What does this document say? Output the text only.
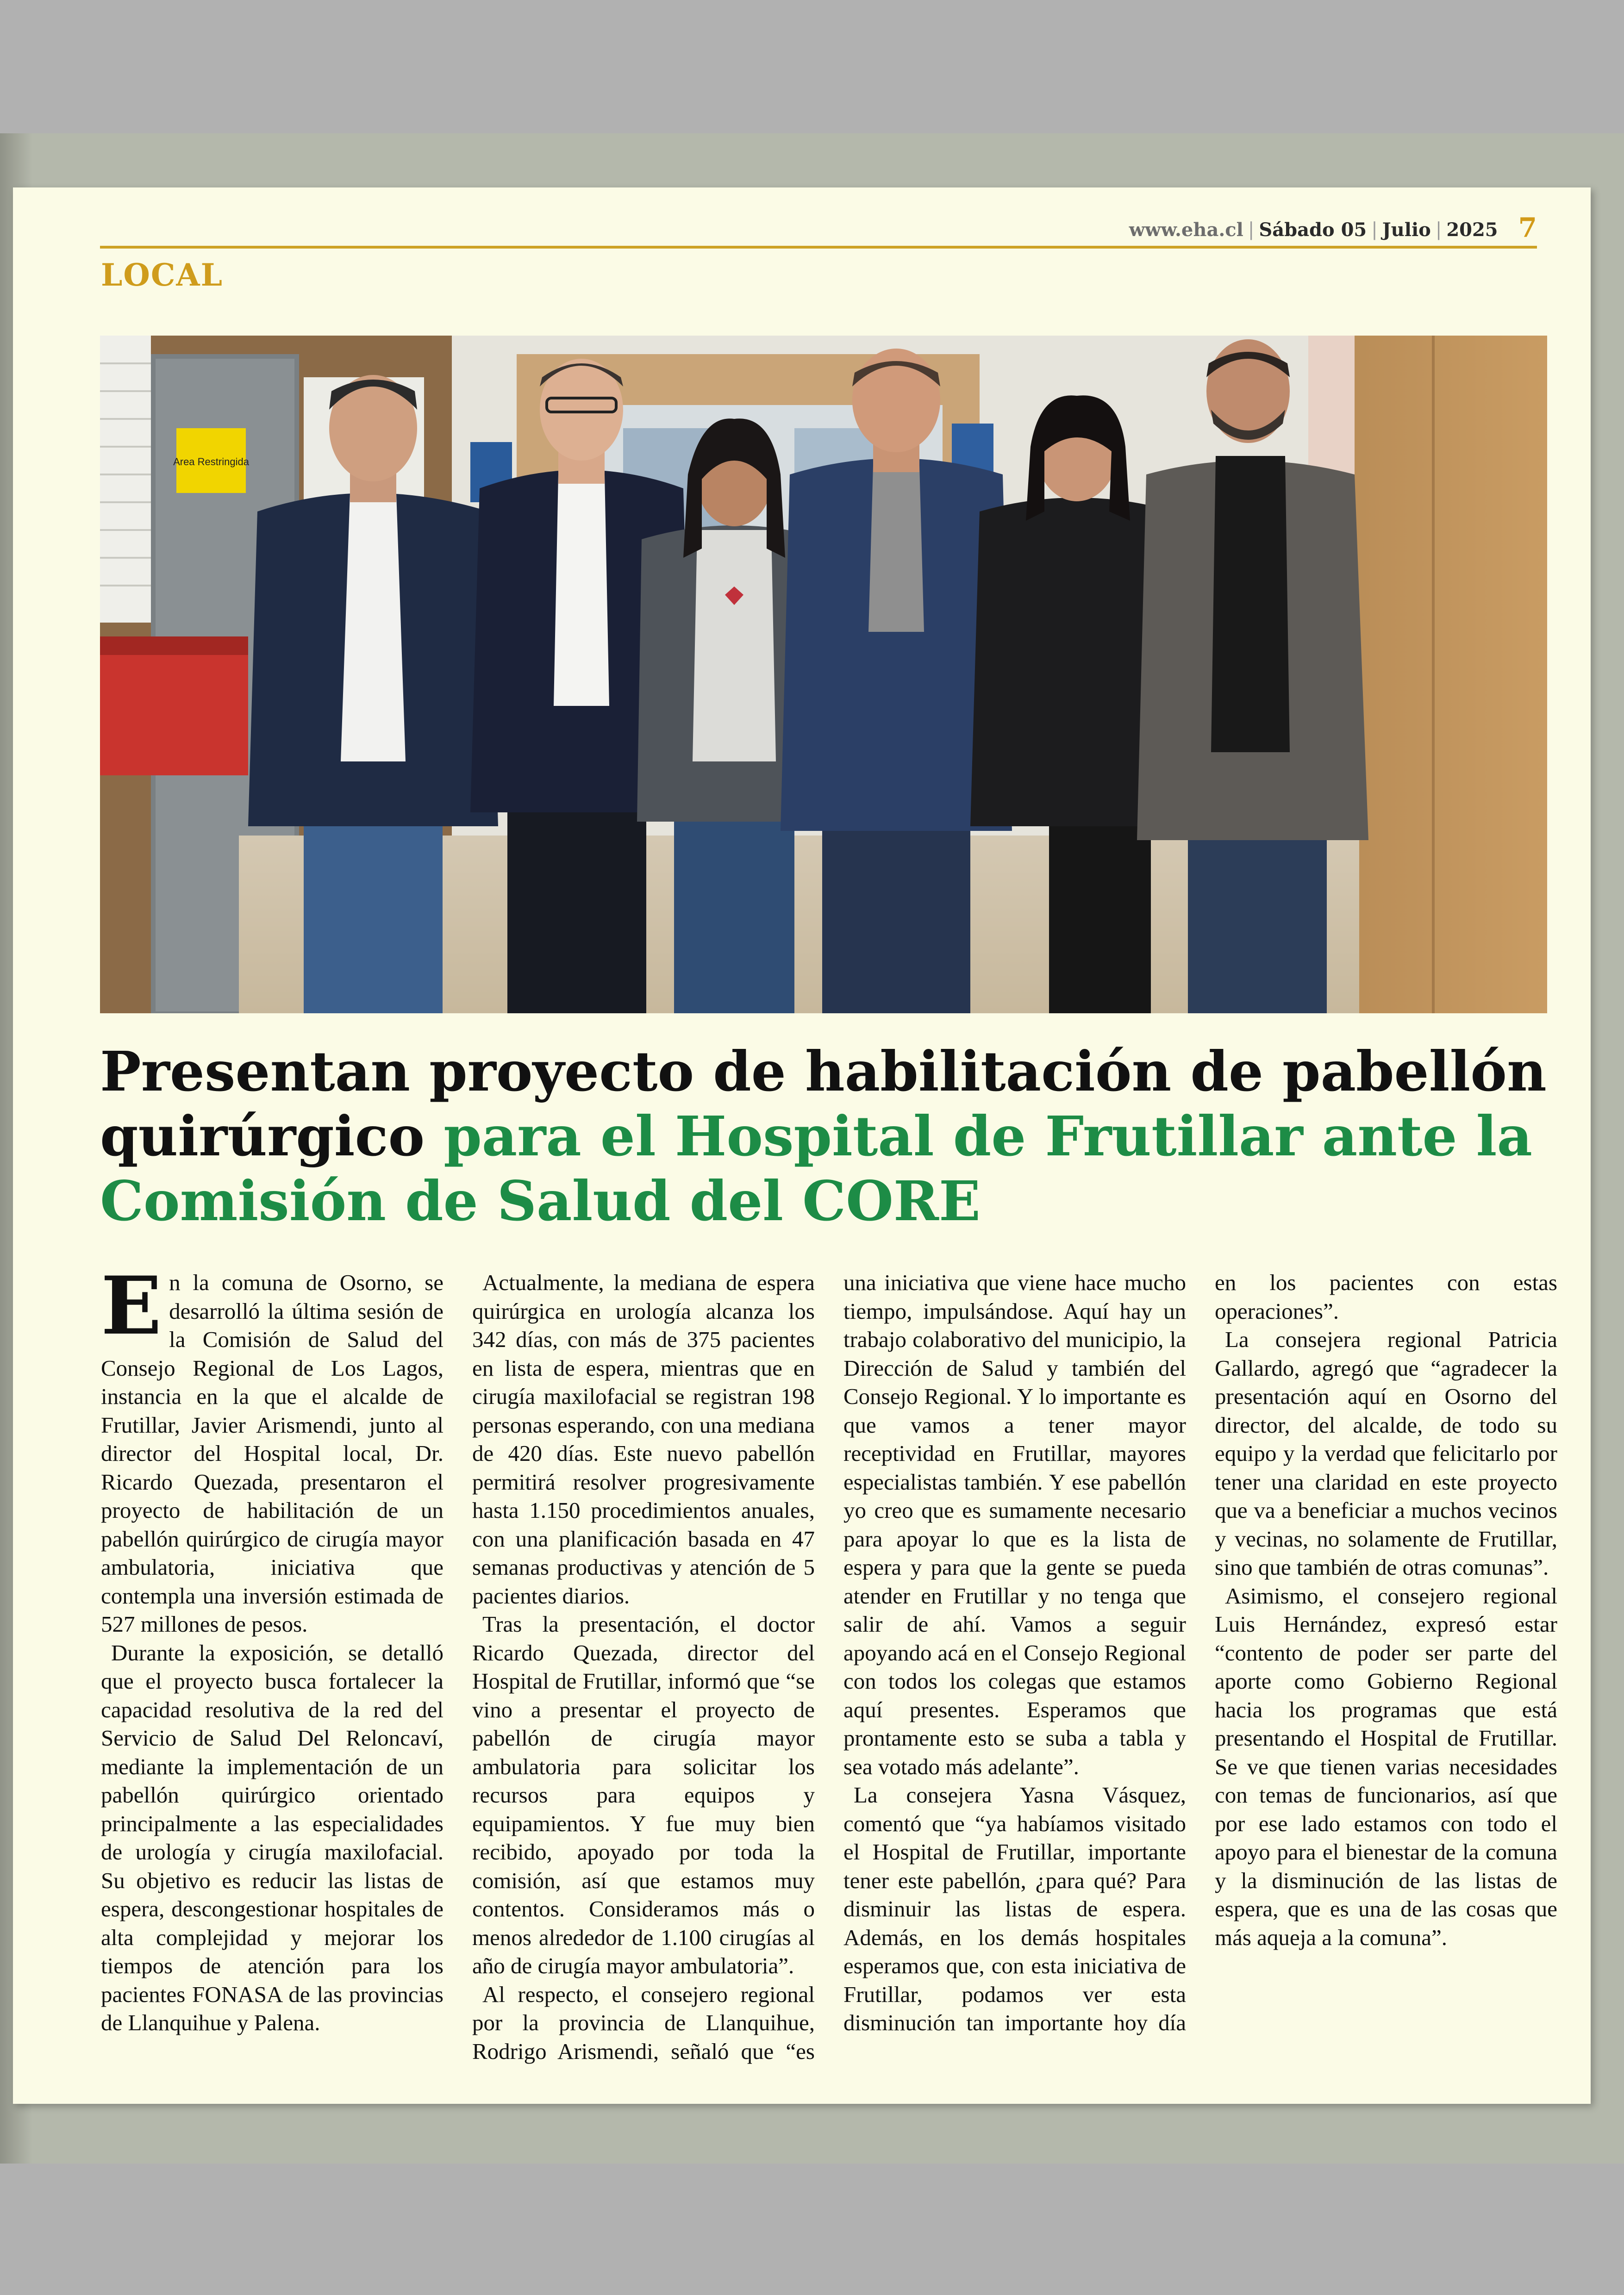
www.eha.cl | Sábado 05 | Julio | 2025 7
LOCAL
Area Restringida
Presentan proyecto de habilitación de pabellón quirúrgico para el Hospital de Frutillar ante la Comisión de Salud del CORE

En la comuna de Osorno, se desarrolló la última sesión de la Comisión de Salud del Consejo Regional de Los Lagos, instancia en la que el alcalde de Frutillar, Javier Arismendi, junto al director del Hospital local, Dr. Ricardo Quezada, presentaron el proyecto de habilitación de un pabellón quirúrgico de cirugía mayor ambulatoria, iniciativa que contempla una inversión estimada de 527 millones de pesos.

Durante la exposición, se detalló que el proyecto busca fortalecer la capacidad resolutiva de la red del Servicio de Salud Del Reloncaví, mediante la implementación de un pabellón quirúrgico orientado principalmente a las especialidades de urología y cirugía maxilofacial. Su objetivo es reducir las listas de espera, descongestionar hospitales de alta complejidad y mejorar los tiempos de atención para los pacientes FONASA de las provincias de Llanquihue y Palena.

Actualmente, la mediana de espera quirúrgica en urología alcanza los 342 días, con más de 375 pacientes en lista de espera, mientras que en cirugía maxilofacial se registran 198 personas esperando, con una mediana de 420 días. Este nuevo pabellón permitirá resolver progresivamente hasta 1.150 procedimientos anuales, con una planificación basada en 47 semanas productivas y atención de 5 pacientes diarios.

Tras la presentación, el doctor Ricardo Quezada, director del Hospital de Frutillar, informó que “se vino a presentar el proyecto de pabellón de cirugía mayor ambulatoria para solicitar los recursos para equipos y equipamientos. Y fue muy bien recibido, apoyado por toda la comisión, así que estamos muy contentos. Consideramos más o menos alrededor de 1.100 cirugías al año de cirugía mayor ambulatoria”.

Al respecto, el consejero regional por la provincia de Llanquihue, Rodrigo Arismendi, señaló que “es una iniciativa que viene hace mucho tiempo, impulsándose. Aquí hay un trabajo colaborativo del municipio, la Dirección de Salud y también del Consejo Regional. Y lo importante es que vamos a tener mayor receptividad en Frutillar, mayores especialistas también. Y ese pabellón yo creo que es sumamente necesario para apoyar lo que es la lista de espera y para que la gente se pueda atender en Frutillar y no tenga que salir de ahí. Vamos a seguir apoyando acá en el Consejo Regional con todos los colegas que estamos aquí presentes. Esperamos que prontamente esto se suba a tabla y sea votado más adelante”.

La consejera Yasna Vásquez, comentó que “ya habíamos visitado el Hospital de Frutillar, importante tener este pabellón, ¿para qué? Para disminuir las listas de espera. Además, en los demás hospitales esperamos que, con esta iniciativa de Frutillar, podamos ver esta disminución tan importante hoy día en los pacientes con estas operaciones”.

La consejera regional Patricia Gallardo, agregó que “agradecer la presentación aquí en Osorno del director, del alcalde, de todo su equipo y la verdad que felicitarlo por tener una claridad en este proyecto que va a beneficiar a muchos vecinos y vecinas, no solamente de Frutillar, sino que también de otras comunas”.

Asimismo, el consejero regional Luis Hernández, expresó estar “contento de poder ser parte del aporte como Gobierno Regional hacia los programas que está presentando el Hospital de Frutillar. Se ve que tienen varias necesidades con temas de funcionarios, así que por ese lado estamos con todo el apoyo para el bienestar de la comuna y la disminución de las listas de espera, que es una de las cosas que más aqueja a la comuna”.
